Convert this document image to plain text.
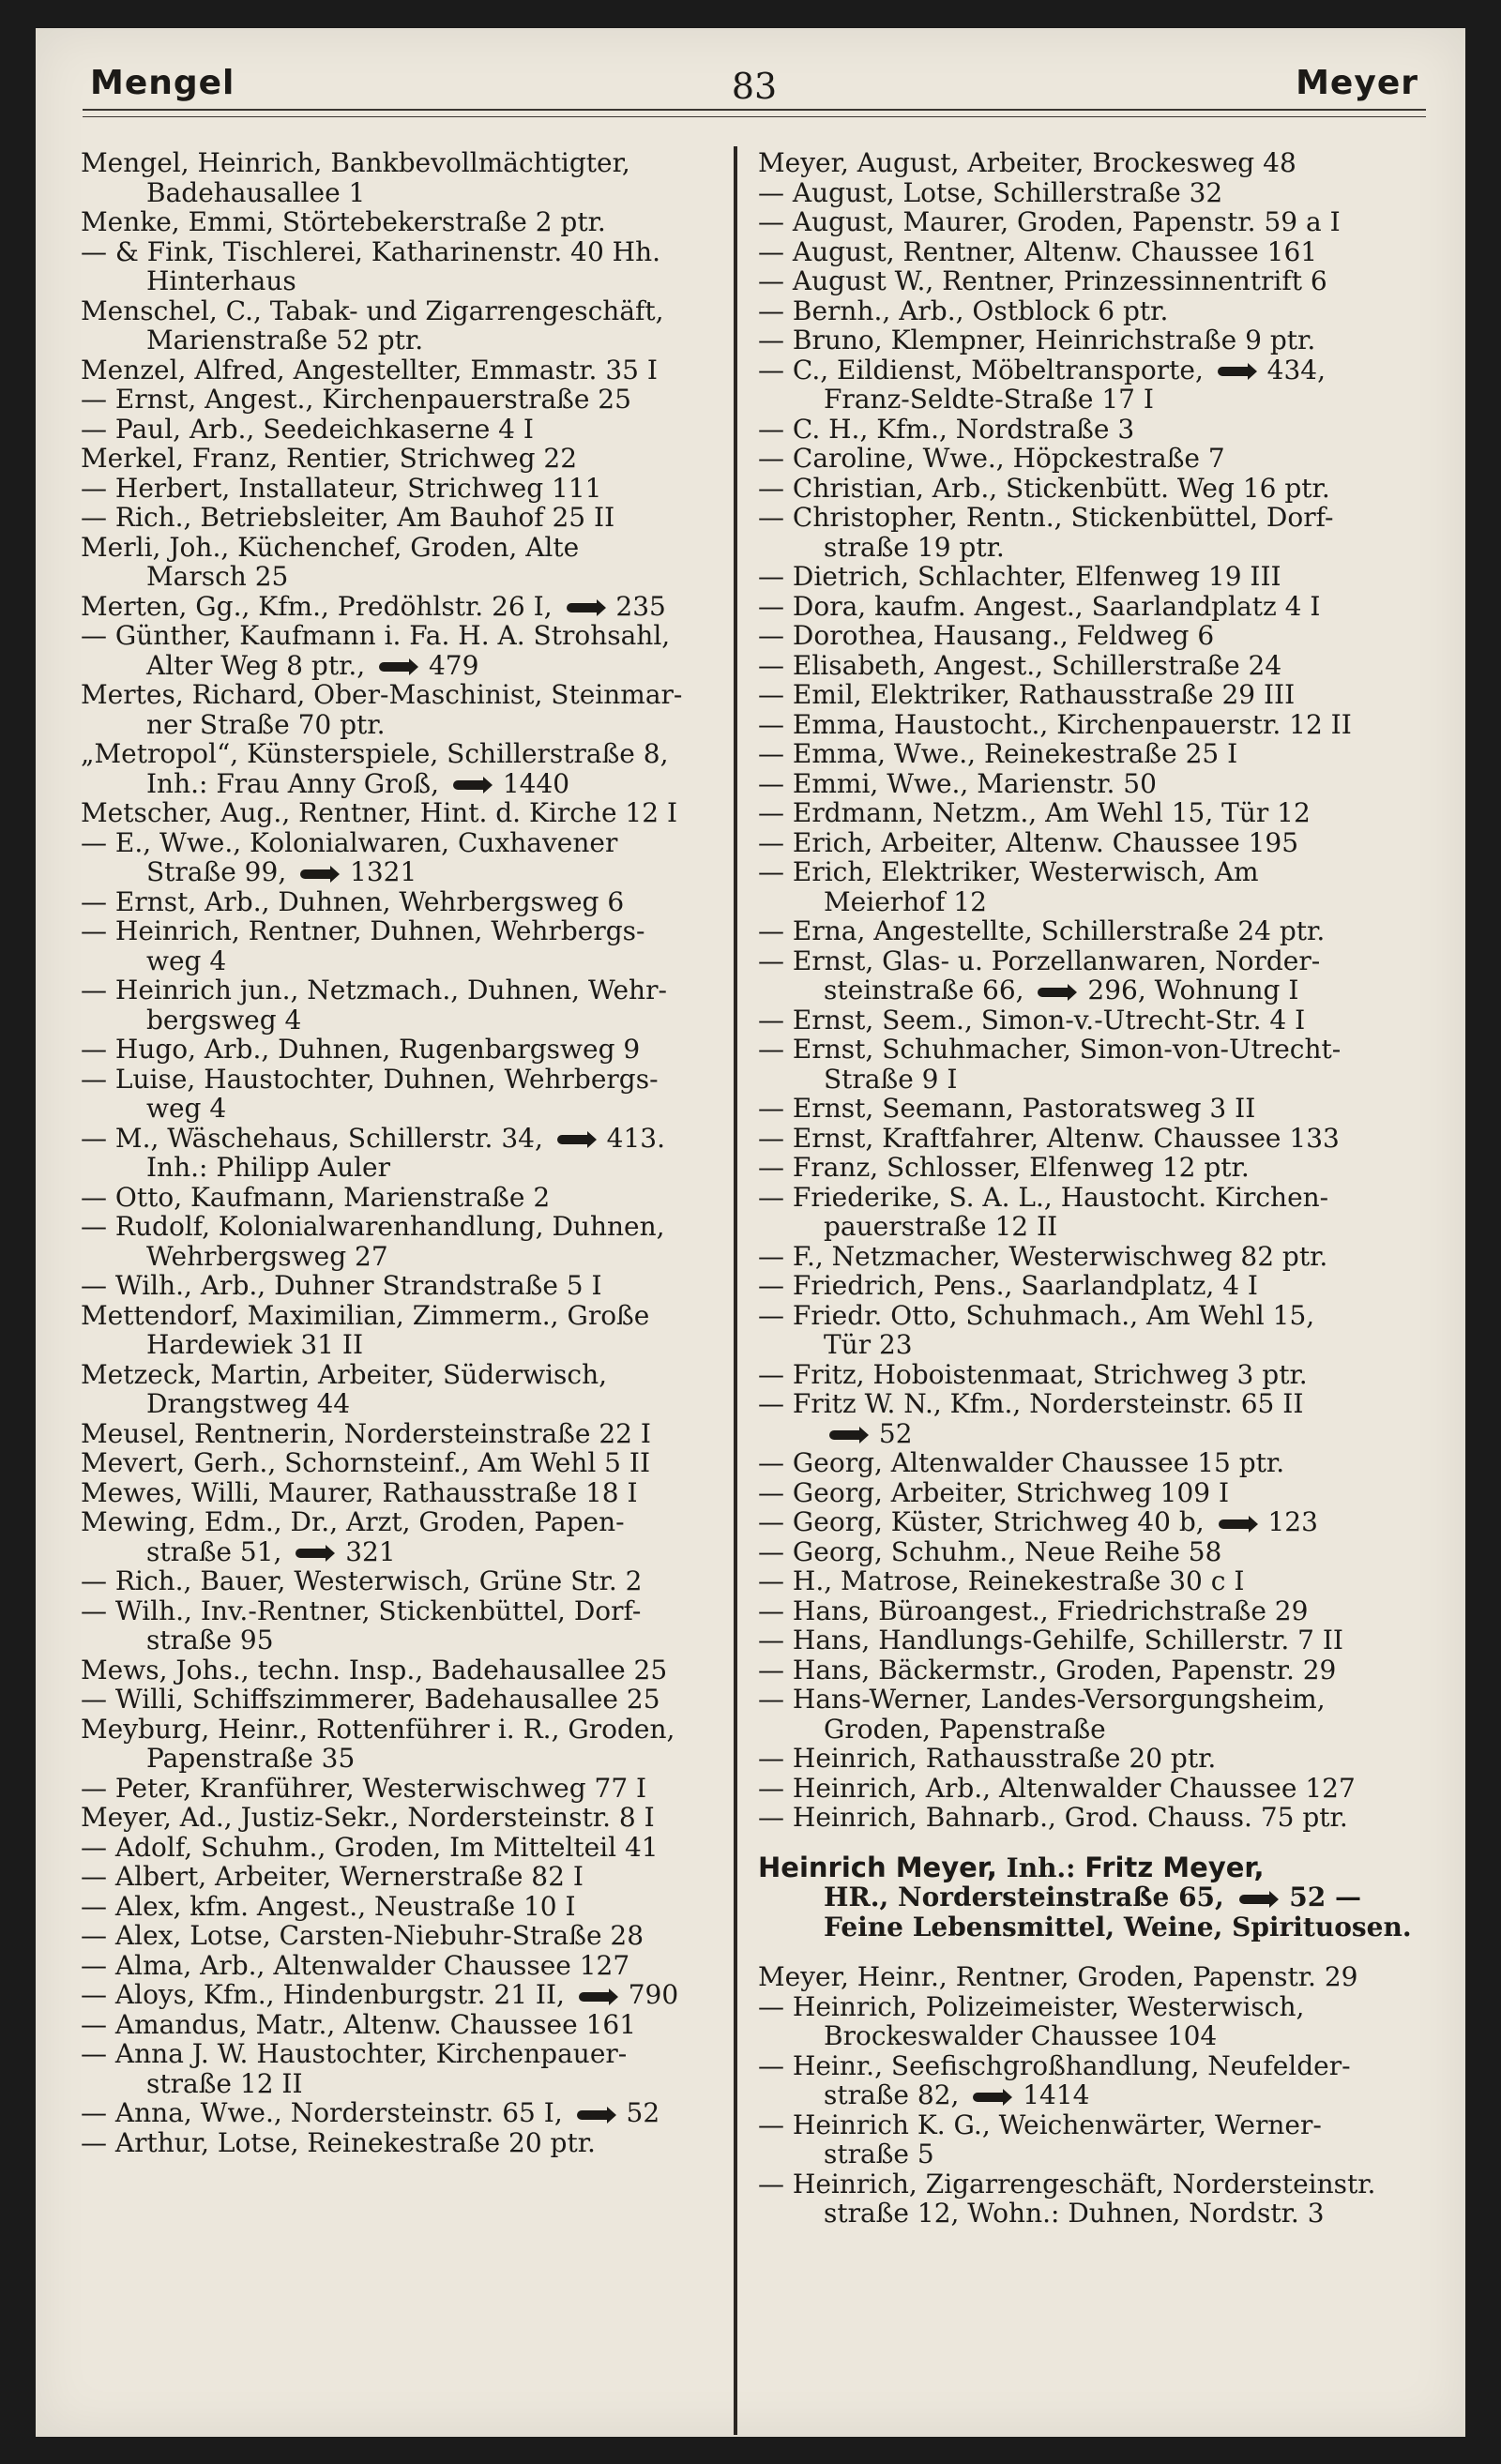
Mengel	83	Meyer
Mengel, Heinrich, Bankbevollmächtigter,
Badehausallee 1
Menke, Emmi, Störtebekerstraße 2 ptr.
— & Fink, Tischlerei, Katharinenstr. 40 Hh.
Hinterhaus
Menschel, C., Tabak- und Zigarrengeschäft,
Marienstraße 52 ptr.
Menzel, Alfred, Angestellter, Emmastr. 35 I
— Ernst, Angest., Kirchenpauerstraße 25
— Paul, Arb., Seedeichkaserne 4 I
Merkel, Franz, Rentier, Strichweg 22
— Herbert, Installateur, Strichweg 111
— Rich., Betriebsleiter, Am Bauhof 25 II
Merli, Joh., Küchenchef, Groden, Alte
Marsch 25
Merten, Gg., Kfm., Predöhlstr. 26 I,  235
— Günther, Kaufmann i. Fa. H. A. Strohsahl,
Alter Weg 8 ptr.,  479
Mertes, Richard, Ober-Maschinist, Steinmar-
ner Straße 70 ptr.
„Metropol“, Künsterspiele, Schillerstraße 8,
Inh.: Frau Anny Groß,  1440
Metscher, Aug., Rentner, Hint. d. Kirche 12 I
— E., Wwe., Kolonialwaren, Cuxhavener
Straße 99,  1321
— Ernst, Arb., Duhnen, Wehrbergsweg 6
— Heinrich, Rentner, Duhnen, Wehrbergs-
weg 4
— Heinrich jun., Netzmach., Duhnen, Wehr-
bergsweg 4
— Hugo, Arb., Duhnen, Rugenbargsweg 9
— Luise, Haustochter, Duhnen, Wehrbergs-
weg 4
— M., Wäschehaus, Schillerstr. 34,  413.
Inh.: Philipp Auler
— Otto, Kaufmann, Marienstraße 2
— Rudolf, Kolonialwarenhandlung, Duhnen,
Wehrbergsweg 27
— Wilh., Arb., Duhner Strandstraße 5 I
Mettendorf, Maximilian, Zimmerm., Große
Hardewiek 31 II
Metzeck, Martin, Arbeiter, Süderwisch,
Drangstweg 44
Meusel, Rentnerin, Nordersteinstraße 22 I
Mevert, Gerh., Schornsteinf., Am Wehl 5 II
Mewes, Willi, Maurer, Rathausstraße 18 I
Mewing, Edm., Dr., Arzt, Groden, Papen-
straße 51,  321
— Rich., Bauer, Westerwisch, Grüne Str. 2
— Wilh., Inv.-Rentner, Stickenbüttel, Dorf-
straße 95
Mews, Johs., techn. Insp., Badehausallee 25
— Willi, Schiffszimmerer, Badehausallee 25
Meyburg, Heinr., Rottenführer i. R., Groden,
Papenstraße 35
— Peter, Kranführer, Westerwischweg 77 I
Meyer, Ad., Justiz-Sekr., Nordersteinstr. 8 I
— Adolf, Schuhm., Groden, Im Mittelteil 41
— Albert, Arbeiter, Wernerstraße 82 I
— Alex, kfm. Angest., Neustraße 10 I
— Alex, Lotse, Carsten-Niebuhr-Straße 28
— Alma, Arb., Altenwalder Chaussee 127
— Aloys, Kfm., Hindenburgstr. 21 II,  790
— Amandus, Matr., Altenw. Chaussee 161
— Anna J. W. Haustochter, Kirchenpauer-
straße 12 II
— Anna, Wwe., Nordersteinstr. 65 I,  52
— Arthur, Lotse, Reinekestraße 20 ptr.
Meyer, August, Arbeiter, Brockesweg 48
— August, Lotse, Schillerstraße 32
— August, Maurer, Groden, Papenstr. 59 a I
— August, Rentner, Altenw. Chaussee 161
— August W., Rentner, Prinzessinnentrift 6
— Bernh., Arb., Ostblock 6 ptr.
— Bruno, Klempner, Heinrichstraße 9 ptr.
— C., Eildienst, Möbeltransporte,  434,
Franz-Seldte-Straße 17 I
— C. H., Kfm., Nordstraße 3
— Caroline, Wwe., Höpckestraße 7
— Christian, Arb., Stickenbütt. Weg 16 ptr.
— Christopher, Rentn., Stickenbüttel, Dorf-
straße 19 ptr.
— Dietrich, Schlachter, Elfenweg 19 III
— Dora, kaufm. Angest., Saarlandplatz 4 I
— Dorothea, Hausang., Feldweg 6
— Elisabeth, Angest., Schillerstraße 24
— Emil, Elektriker, Rathausstraße 29 III
— Emma, Haustocht., Kirchenpauerstr. 12 II
— Emma, Wwe., Reinekestraße 25 I
— Emmi, Wwe., Marienstr. 50
— Erdmann, Netzm., Am Wehl 15, Tür 12
— Erich, Arbeiter, Altenw. Chaussee 195
— Erich, Elektriker, Westerwisch, Am
Meierhof 12
— Erna, Angestellte, Schillerstraße 24 ptr.
— Ernst, Glas- u. Porzellanwaren, Norder-
steinstraße 66,  296, Wohnung I
— Ernst, Seem., Simon-v.-Utrecht-Str. 4 I
— Ernst, Schuhmacher, Simon-von-Utrecht-
Straße 9 I
— Ernst, Seemann, Pastoratsweg 3 II
— Ernst, Kraftfahrer, Altenw. Chaussee 133
— Franz, Schlosser, Elfenweg 12 ptr.
— Friederike, S. A. L., Haustocht. Kirchen-
pauerstraße 12 II
— F., Netzmacher, Westerwischweg 82 ptr.
— Friedrich, Pens., Saarlandplatz, 4 I
— Friedr. Otto, Schuhmach., Am Wehl 15,
Tür 23
— Fritz, Hoboistenmaat, Strichweg 3 ptr.
— Fritz W. N., Kfm., Nordersteinstr. 65 II
52
— Georg, Altenwalder Chaussee 15 ptr.
— Georg, Arbeiter, Strichweg 109 I
— Georg, Küster, Strichweg 40 b,  123
— Georg, Schuhm., Neue Reihe 58
— H., Matrose, Reinekestraße 30 c I
— Hans, Büroangest., Friedrichstraße 29
— Hans, Handlungs-Gehilfe, Schillerstr. 7 II
— Hans, Bäckermstr., Groden, Papenstr. 29
— Hans-Werner, Landes-Versorgungsheim,
Groden, Papenstraße
— Heinrich, Rathausstraße 20 ptr.
— Heinrich, Arb., Altenwalder Chaussee 127
— Heinrich, Bahnarb., Grod. Chauss. 75 ptr.
Heinrich Meyer, Inh.: Fritz Meyer,
HR., Nordersteinstraße 65,  52 —
Feine Lebensmittel, Weine, Spirituosen.
Meyer, Heinr., Rentner, Groden, Papenstr. 29
— Heinrich, Polizeimeister, Westerwisch,
Brockeswalder Chaussee 104
— Heinr., Seefischgroßhandlung, Neufelder-
straße 82,  1414
— Heinrich K. G., Weichenwärter, Werner-
straße 5
— Heinrich, Zigarrengeschäft, Nordersteinstr.
straße 12, Wohn.: Duhnen, Nordstr. 3
